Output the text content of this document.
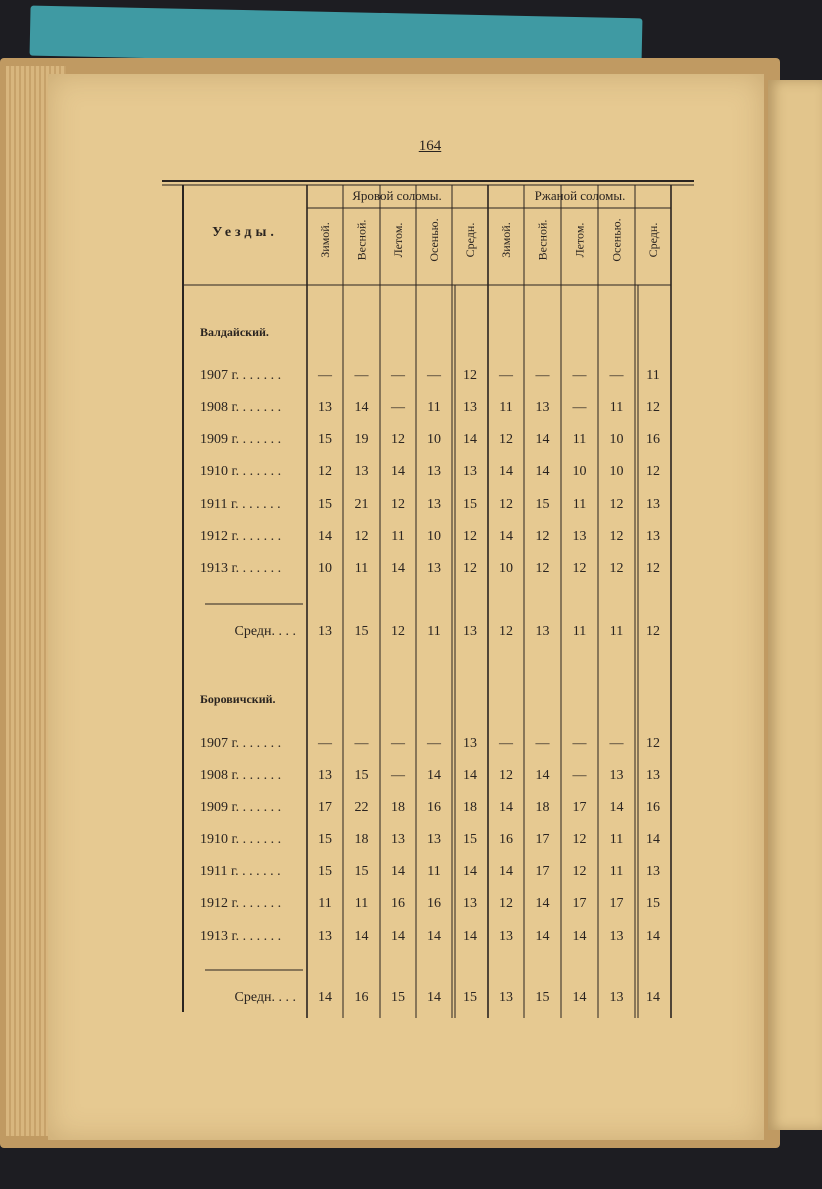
164
Уезды.
Яровой соломы.	Ржаной соломы.
Зимой. Весной. Летом. Осенью. Средн. Зимой. Весной. Летом. Осенью. Средн.
Валдайский.
1907 г. . . . . . .	— — — — 12 — — — — 11
1908 г. . . . . . .	13 14 — 11 13 11 13 — 11 12
1909 г. . . . . . .	15 19 12 10 14 12 14 11 10 16
1910 г. . . . . . .	12 13 14 13 13 14 14 10 10 12
1911 г. . . . . . .	15 21 12 13 15 12 15 11 12 13
1912 г. . . . . . .	14 12 11 10 12 14 12 13 12 13
1913 г. . . . . . .	10 11 14 13 12 10 12 12 12 12
Средн. . . . 13 15 12 11 13 12 13 11 11 12
Боровичский.
1907 г. . . . . . .	— — — — 13 — — — — 12
1908 г. . . . . . .	13 15 — 14 14 12 14 — 13 13
1909 г. . . . . . .	17 22 18 16 18 14 18 17 14 16
1910 г. . . . . . .	15 18 13 13 15 16 17 12 11 14
1911 г. . . . . . .	15 15 14 11 14 14 17 12 11 13
1912 г. . . . . . .	11 11 16 16 13 12 14 17 17 15
1913 г. . . . . . .	13 14 14 14 14 13 14 14 13 14
Средн. . . . 14 16 15 14 15 13 15 14 13 14
